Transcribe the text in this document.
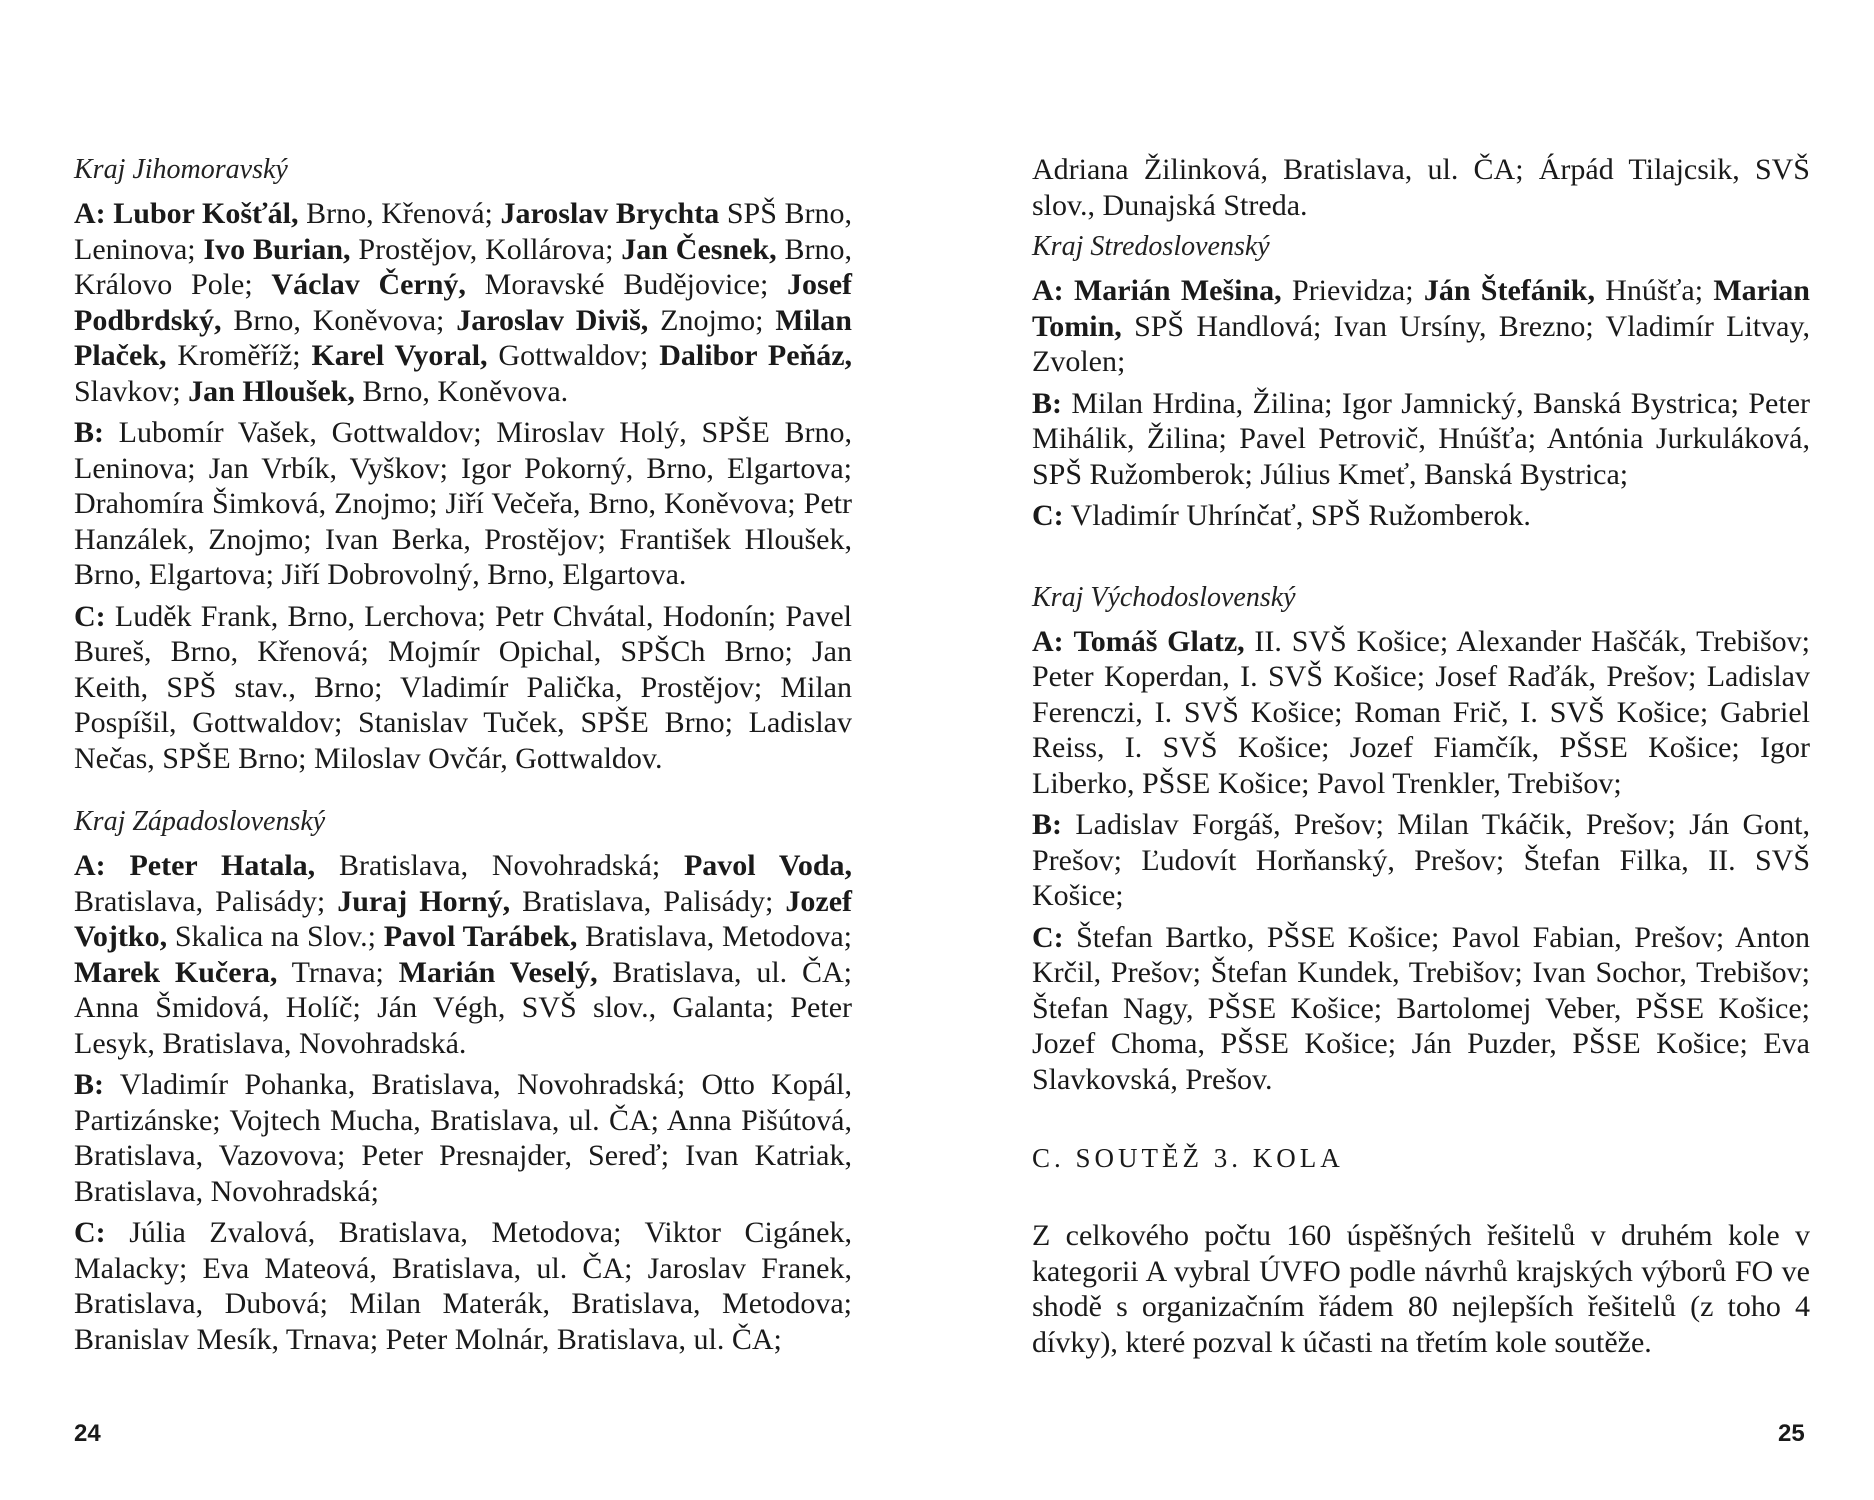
Kraj Jihomoravský

A: Lubor Košťál, Brno, Křenová; Jaroslav Brychta SPŠ Brno, Leninova; Ivo Burian, Prostějov, Kollárova; Jan Česnek, Brno, Královo Pole; Václav Černý, Moravské Budějovice; Josef Podbrdský, Brno, Koněvova; Jaroslav Diviš, Znojmo; Milan Plaček, Kroměříž; Karel Vyoral, Gottwaldov; Dalibor Peňáz, Slavkov; Jan Hloušek, Brno, Koněvova.

B: Lubomír Vašek, Gottwaldov; Miroslav Holý, SPŠE Brno, Leninova; Jan Vrbík, Vyškov; Igor Pokorný, Brno, Elgartova; Drahomíra Šimková, Znojmo; Jiří Večeřa, Brno, Koněvova; Petr Hanzálek, Znojmo; Ivan Berka, Prostějov; František Hloušek, Brno, Elgartova; Jiří Dobrovolný, Brno, Elgartova.

C: Luděk Frank, Brno, Lerchova; Petr Chvátal, Hodonín; Pavel Bureš, Brno, Křenová; Mojmír Opichal, SPŠCh Brno; Jan Keith, SPŠ stav., Brno; Vladimír Palička, Prostějov; Milan Pospíšil, Gottwaldov; Stanislav Tuček, SPŠE Brno; Ladislav Nečas, SPŠE Brno; Miloslav Ovčár, Gottwaldov.

Kraj Západoslovenský

A: Peter Hatala, Bratislava, Novohradská; Pavol Voda, Bratislava, Palisády; Juraj Horný, Bratislava, Palisády; Jozef Vojtko, Skalica na Slov.; Pavol Tarábek, Bratislava, Metodova; Marek Kučera, Trnava; Marián Veselý, Bratislava, ul. ČA; Anna Šmidová, Holíč; Ján Végh, SVŠ slov., Galanta; Peter Lesyk, Bratislava, Novohradská.

B: Vladimír Pohanka, Bratislava, Novohradská; Otto Kopál, Partizánske; Vojtech Mucha, Bratislava, ul. ČA; Anna Pišútová, Bratislava, Vazovova; Peter Presnajder, Sereď; Ivan Katriak, Bratislava, Novohradská;

C: Júlia Zvalová, Bratislava, Metodova; Viktor Cigánek, Malacky; Eva Mateová, Bratislava, ul. ČA; Jaroslav Franek, Bratislava, Dubová; Milan Materák, Bratislava, Metodova; Branislav Mesík, Trnava; Peter Molnár, Bratislava, ul. ČA;

24

Adriana Žilinková, Bratislava, ul. ČA; Árpád Tilajcsik, SVŠ slov., Dunajská Streda.

Kraj Stredoslovenský

A: Marián Mešina, Prievidza; Ján Štefánik, Hnúšťa; Marian Tomin, SPŠ Handlová; Ivan Ursíny, Brezno; Vladimír Litvay, Zvolen;

B: Milan Hrdina, Žilina; Igor Jamnický, Banská Bystrica; Peter Mihálik, Žilina; Pavel Petrovič, Hnúšťa; Antónia Jurkuláková, SPŠ Ružomberok; Július Kmeť, Banská Bystrica;

C: Vladimír Uhrínčať, SPŠ Ružomberok.

Kraj Východoslovenský

A: Tomáš Glatz, II. SVŠ Košice; Alexander Haščák, Trebišov; Peter Koperdan, I. SVŠ Košice; Josef Raďák, Prešov; Ladislav Ferenczi, I. SVŠ Košice; Roman Frič, I. SVŠ Košice; Gabriel Reiss, I. SVŠ Košice; Jozef Fiamčík, PŠSE Košice; Igor Liberko, PŠSE Košice; Pavol Trenkler, Trebišov;

B: Ladislav Forgáš, Prešov; Milan Tkáčik, Prešov; Ján Gont, Prešov; Ľudovít Horňanský, Prešov; Štefan Filka, II. SVŠ Košice;

C: Štefan Bartko, PŠSE Košice; Pavol Fabian, Prešov; Anton Krčil, Prešov; Štefan Kundek, Trebišov; Ivan Sochor, Trebišov; Štefan Nagy, PŠSE Košice; Bartolomej Veber, PŠSE Košice; Jozef Choma, PŠSE Košice; Ján Puzder, PŠSE Košice; Eva Slavkovská, Prešov.

C. SOUTĚŽ 3. KOLA

Z celkového počtu 160 úspěšných řešitelů v druhém kole v kategorii A vybral ÚVFO podle návrhů krajských výborů FO ve shodě s organizačním řádem 80 nejlepších řešitelů (z toho 4 dívky), které pozval k účasti na třetím kole soutěže.

25
